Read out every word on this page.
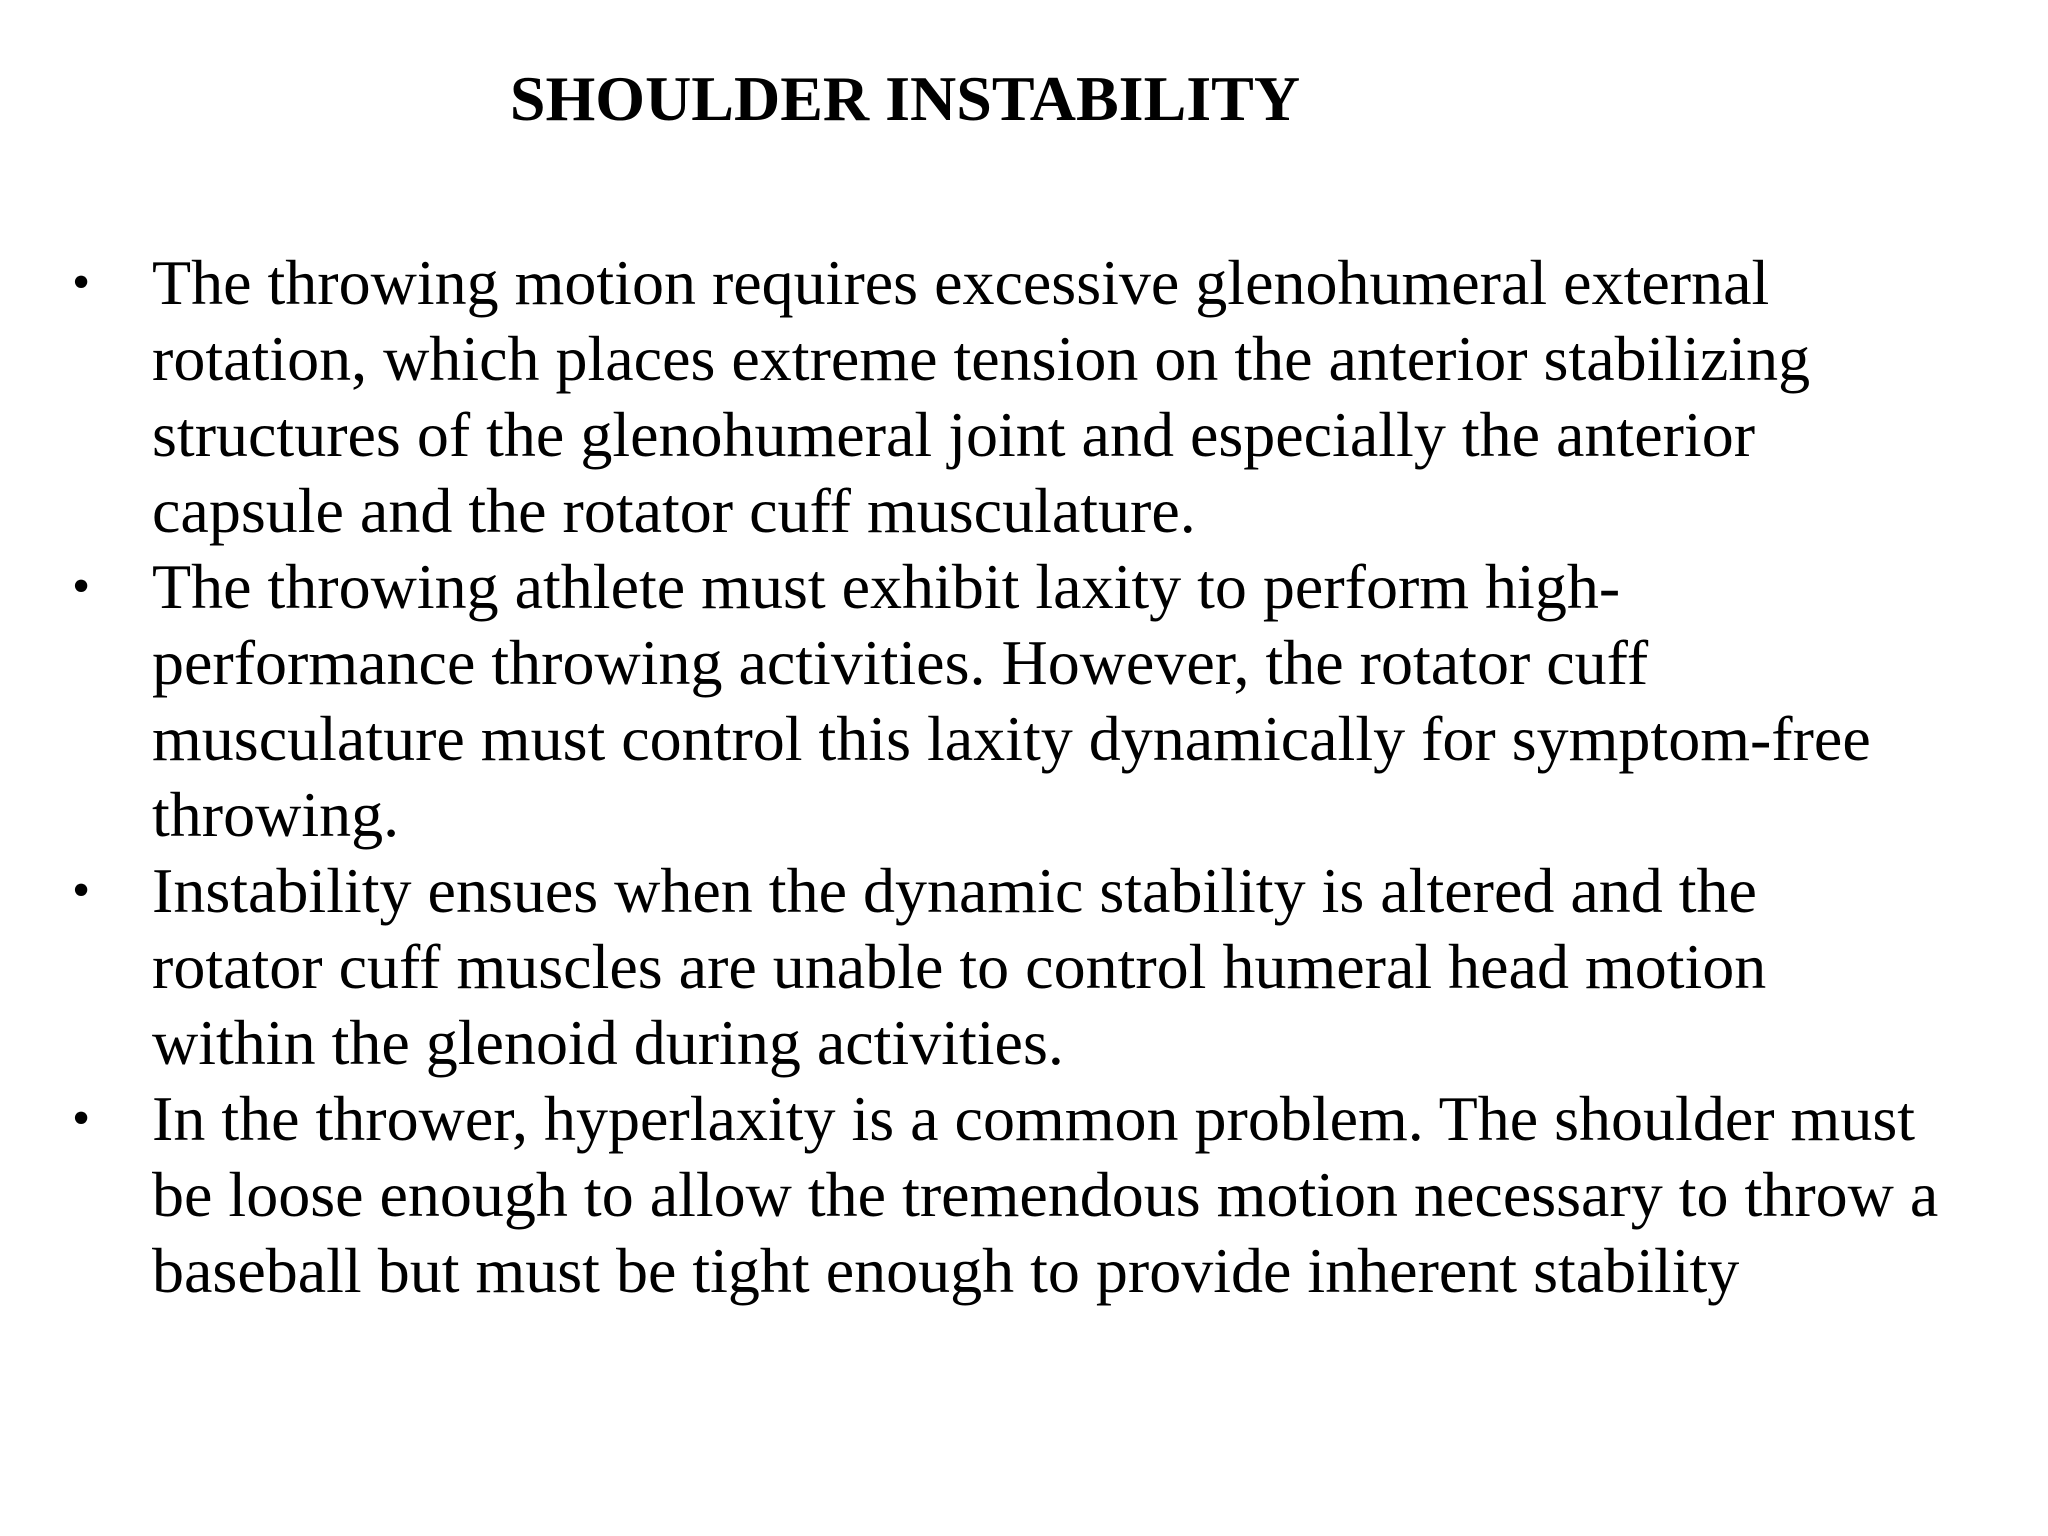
SHOULDER INSTABILITY
• The throwing motion requires excessive glenohumeral external rotation, which places extreme tension on the anterior stabilizing structures of the glenohumeral joint and especially the anterior capsule and the rotator cuff musculature.
• The throwing athlete must exhibit laxity to perform high-performance throwing activities. However, the rotator cuff musculature must control this laxity dynamically for symptom-free throwing.
• Instability ensues when the dynamic stability is altered and the rotator cuff muscles are unable to control humeral head motion within the glenoid during activities.
• In the thrower, hyperlaxity is a common problem. The shoulder must be loose enough to allow the tremendous motion necessary to throw a baseball but must be tight enough to provide inherent stability
